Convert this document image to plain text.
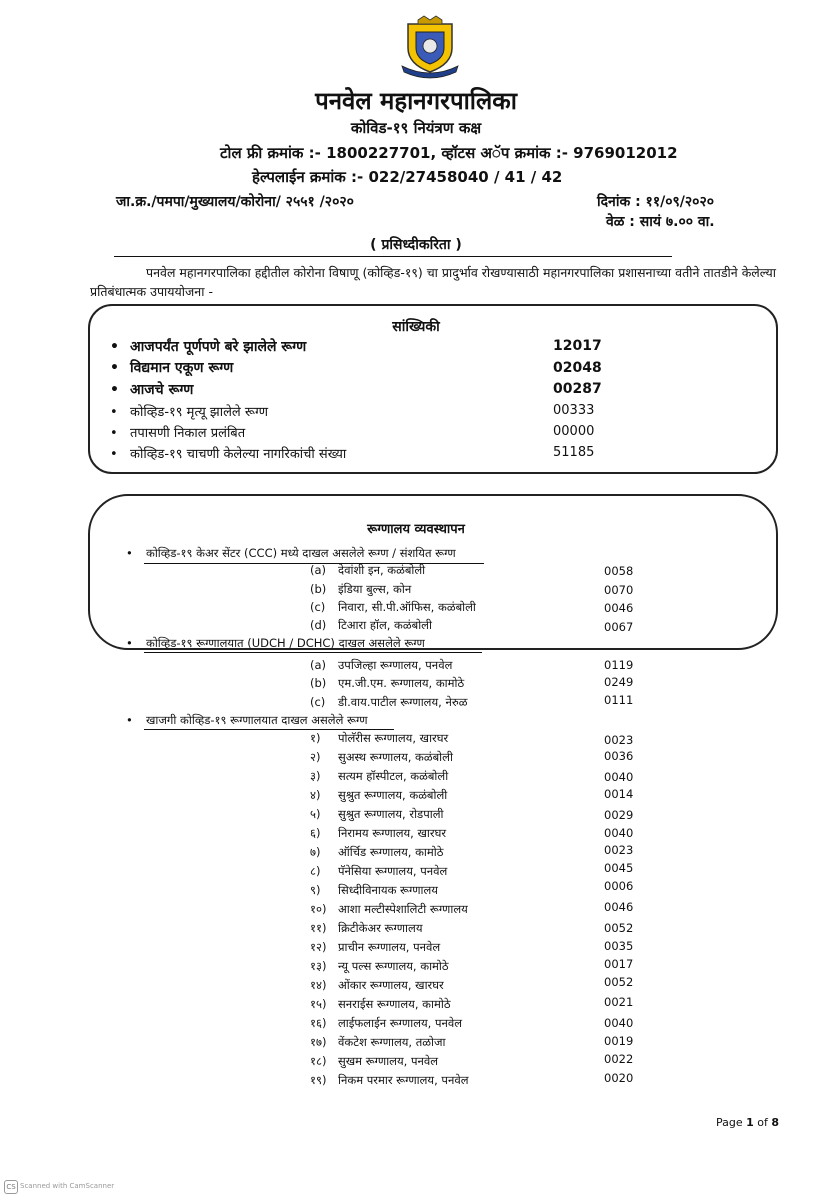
पनवेल महानगरपालिका
कोविड-१९ नियंत्रण कक्ष
टोल फ्री क्रमांक :- 1800227701, व्हॉटस अॅप क्रमांक :- 9769012012
हेल्पलाईन क्रमांक :- 022/27458040 / 41 / 42
जा.क्र./पमपा/मुख्यालय/कोरोना/ २५५१ /२०२०	दिनांक : ११/०९/२०२०
वेळ : सायं ७.०० वा.
( प्रसिध्दीकरिता )
पनवेल महानगरपालिका हद्दीतील कोरोना विषाणू (कोव्हिड-१९) चा प्रादुर्भाव रोखण्यासाठी महानगरपालिका प्रशासनाच्या वतीने तातडीने केलेल्या प्रतिबंधात्मक उपाययोजना -
सांख्यिकी
• आजपर्यंत पूर्णपणे बरे झालेले रूग्ण	12017
• विद्यमान एकूण रूग्ण	02048
• आजचे रूग्ण	00287
• कोव्हिड-१९ मृत्यू झालेले रूग्ण	00333
• तपासणी निकाल प्रलंबित	00000
• कोव्हिड-१९ चाचणी केलेल्या नागरिकांची संख्या	51185
रूग्णालय व्यवस्थापन
• कोव्हिड-१९ केअर सेंटर (CCC) मध्ये दाखल असलेले रूग्ण / संशयित रूग्ण
(a) देवांशी इन, कळंबोली	0058
(b) इंडिया बुल्स, कोन	0070
(c) निवारा, सी.पी.ऑफिस, कळंबोली	0046
(d) टिआरा हॉल, कळंबोली	0067
• कोव्हिड-१९ रूग्णालयात (UDCH / DCHC) दाखल असलेले रूग्ण
(a) उपजिल्हा रूग्णालय, पनवेल	0119
(b) एम.जी.एम. रूग्णालय, कामोठे	0249
(c) डी.वाय.पाटील रूग्णालय, नेरुळ	0111
• खाजगी कोव्हिड-१९ रूग्णालयात दाखल असलेले रूग्ण
१) पोलॅरीस रूग्णालय, खारघर	0023
२) सुअस्थ रूग्णालय, कळंबोली	0036
३) सत्यम हॉस्पीटल, कळंबोली	0040
४) सुश्रुत रूग्णालय, कळंबोली	0014
५) सुश्रुत रूग्णालय, रोडपाली	0029
६) निरामय रूग्णालय, खारघर	0040
७) ऑर्चिड रूग्णालय, कामोठे	0023
८) पॅनेसिया रूग्णालय, पनवेल	0045
९) सिध्दीविनायक रूग्णालय	0006
१०) आशा मल्टीस्पेशालिटी रूग्णालय	0046
११) क्रिटीकेअर रूग्णालय	0052
१२) प्राचीन रूग्णालय, पनवेल	0035
१३) न्यू पल्स रूग्णालय, कामोठे	0017
१४) ओंकार रूग्णालय, खारघर	0052
१५) सनराईस रूग्णालय, कामोठे	0021
१६) लाईफलाईन रूग्णालय, पनवेल	0040
१७) वेंकटेश रूग्णालय, तळोजा	0019
१८) सुखम रूग्णालय, पनवेल	0022
१९) निकम परमार रूग्णालय, पनवेल	0020
Page 1 of 8
CS Scanned with CamScanner
